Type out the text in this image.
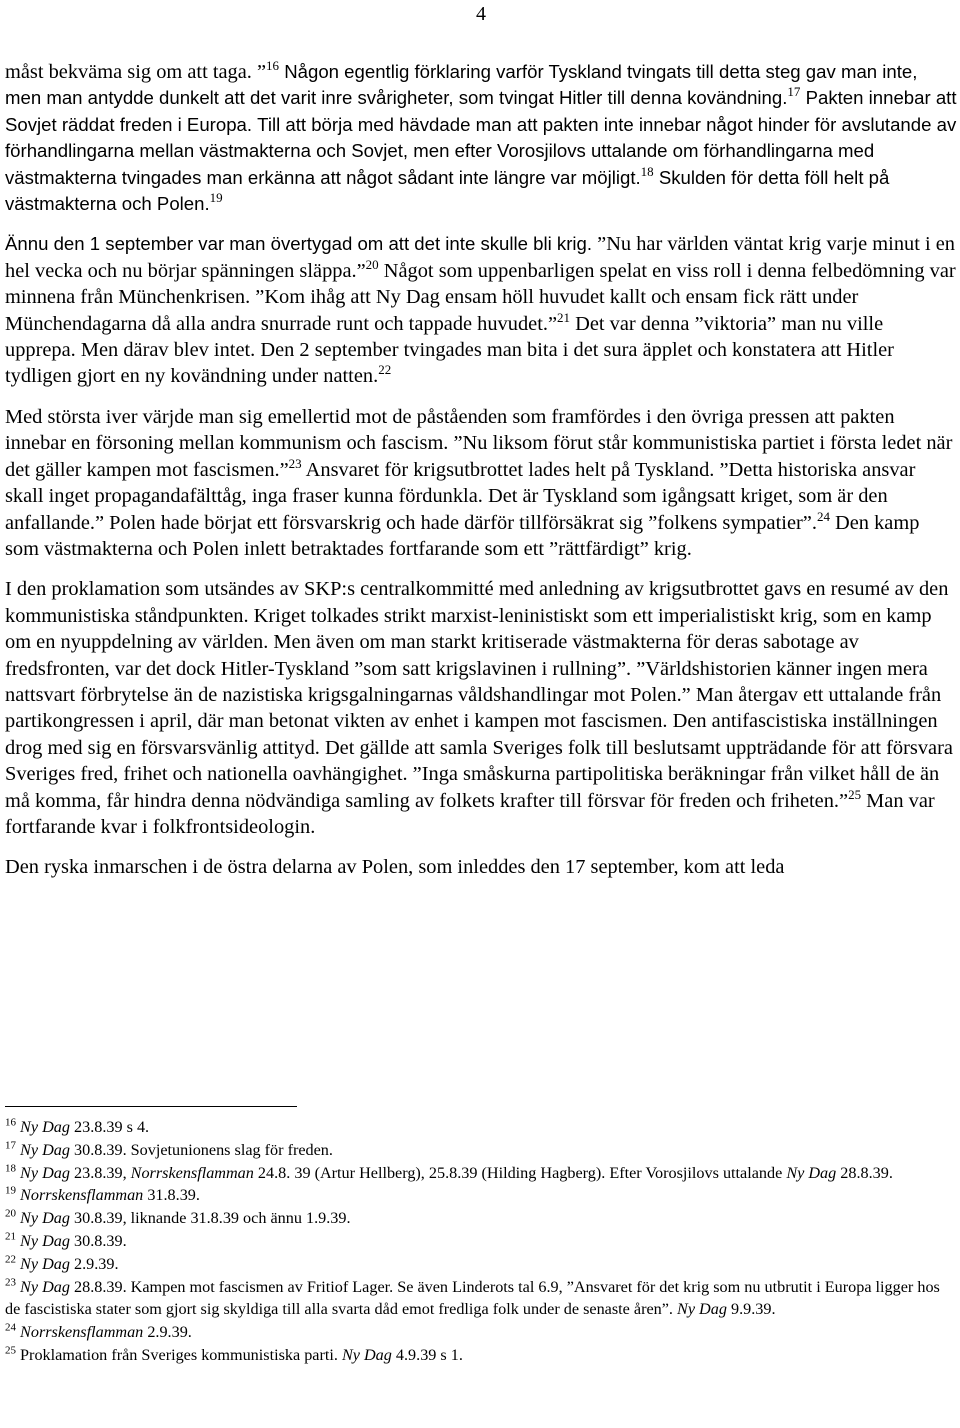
4

måst bekväma sig om att taga. ”$^{16}$ Någon egentlig förklaring varför Tyskland tvingats till detta steg gav man inte, men man antydde dunkelt att det varit inre svårigheter, som tvingat Hitler till denna kovändning.$^{17}$ Pakten innebar att Sovjet räddat freden i Europa. Till att börja med hävdade man att pakten inte innebar något hinder för avslutande av förhandlingarna mellan västmakterna och Sovjet, men efter Vorosjilovs uttalande om förhandlingarna med västmakterna tvingades man erkänna att något sådant inte längre var möjligt.$^{18}$ Skulden för detta föll helt på västmakterna och Polen.$^{19}$

Ännu den 1 september var man övertygad om att det inte skulle bli krig. ”Nu har världen väntat krig varje minut i en hel vecka och nu börjar spänningen släppa.”$^{20}$ Något som uppenbarligen spelat en viss roll i denna felbedömning var minnena från Münchenkrisen. ”Kom ihåg att Ny Dag ensam höll huvudet kallt och ensam fick rätt under Münchendagarna då alla andra snurrade runt och tappade huvudet.”$^{21}$ Det var denna ”viktoria” man nu ville upprepa. Men därav blev intet. Den 2 september tvingades man bita i det sura äpplet och konstatera att Hitler tydligen gjort en ny kovändning under natten.$^{22}$

Med största iver värjde man sig emellertid mot de påståenden som framfördes i den övriga pressen att pakten innebar en försoning mellan kommunism och fascism. ”Nu liksom förut står kommunistiska partiet i första ledet när det gäller kampen mot fascismen.”$^{23}$ Ansvaret för krigsutbrottet lades helt på Tyskland. ”Detta historiska ansvar skall inget propagandafälttåg, inga fraser kunna fördunkla. Det är Tyskland som igångsatt kriget, som är den anfallande.” Polen hade börjat ett försvarskrig och hade därför tillförsäkrat sig ”folkens sympatier”.$^{24}$ Den kamp som västmakterna och Polen inlett betraktades fortfarande som ett ”rättfärdigt” krig.

I den proklamation som utsändes av SKP:s centralkommitté med anledning av krigsutbrottet gavs en resumé av den kommunistiska ståndpunkten. Kriget tolkades strikt marxist-leninistiskt som ett imperialistiskt krig, som en kamp om en nyuppdelning av världen. Men även om man starkt kritiserade västmakterna för deras sabotage av fredsfronten, var det dock Hitler-Tyskland ”som satt krigslavinen i rullning”. ”Världshistorien känner ingen mera nattsvart förbrytelse än de nazistiska krigsgalningarnas våldshandlingar mot Polen.” Man återgav ett uttalande från partikongressen i april, där man betonat vikten av enhet i kampen mot fascismen. Den antifascistiska inställningen drog med sig en försvarsvänlig attityd. Det gällde att samla Sveriges folk till beslutsamt uppträdande för att försvara Sveriges fred, frihet och nationella oavhängighet. ”Inga småskurna partipolitiska beräkningar från vilket håll de än må komma, får hindra denna nödvändiga samling av folkets krafter till försvar för freden och friheten.”$^{25}$ Man var fortfarande kvar i folkfrontsideologin.

Den ryska inmarschen i de östra delarna av Polen, som inleddes den 17 september, kom att leda

$^{16}$ Ny Dag 23.8.39 s 4.

$^{17}$ Ny Dag 30.8.39. Sovjetunionens slag för freden.

$^{18}$ Ny Dag 23.8.39, Norrskensflamman 24.8. 39 (Artur Hellberg), 25.8.39 (Hilding Hagberg). Efter Vorosjilovs uttalande Ny Dag 28.8.39.

$^{19}$ Norrskensflamman 31.8.39.

$^{20}$ Ny Dag 30.8.39, liknande 31.8.39 och ännu 1.9.39.

$^{21}$ Ny Dag 30.8.39.

$^{22}$ Ny Dag 2.9.39.

$^{23}$ Ny Dag 28.8.39. Kampen mot fascismen av Fritiof Lager. Se även Linderots tal 6.9, ”Ansvaret för det krig som nu utbrutit i Europa ligger hos de fascistiska stater som gjort sig skyldiga till alla svarta dåd emot fredliga folk under de senaste åren”. Ny Dag 9.9.39.

$^{24}$ Norrskensflamman 2.9.39.

$^{25}$ Proklamation från Sveriges kommunistiska parti. Ny Dag 4.9.39 s 1.
